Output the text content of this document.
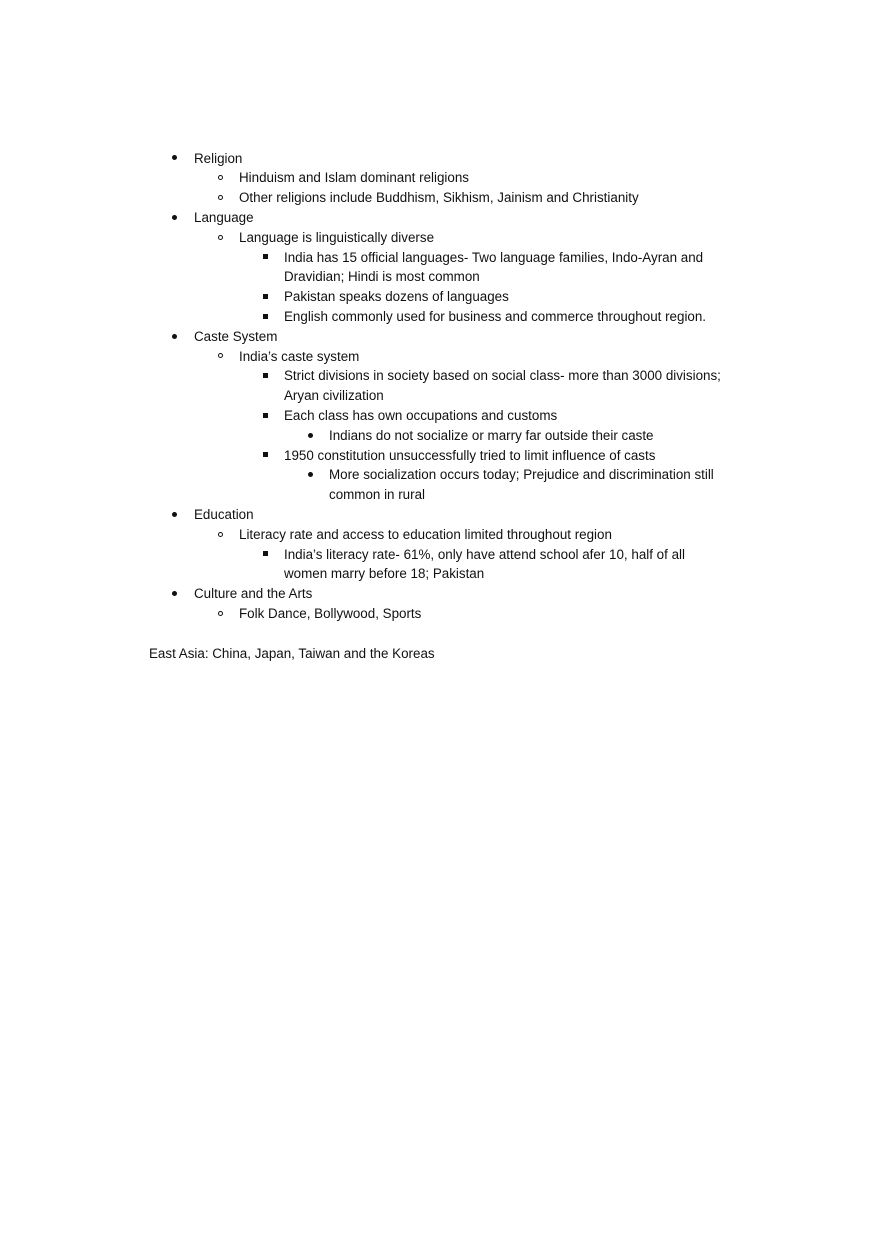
Religion
Hinduism and Islam dominant religions
Other religions include Buddhism, Sikhism, Jainism and Christianity
Language
Language is linguistically diverse
India has 15 official languages- Two language families, Indo-Ayran and
Dravidian; Hindi is most common
Pakistan speaks dozens of languages
English commonly used for business and commerce throughout region.
Caste System
India’s caste system
Strict divisions in society based on social class- more than 3000 divisions;
Aryan civilization
Each class has own occupations and customs
Indians do not socialize or marry far outside their caste
1950 constitution unsuccessfully tried to limit influence of casts
More socialization occurs today; Prejudice and discrimination still
common in rural
Education
Literacy rate and access to education limited throughout region
India’s literacy rate- 61%, only have attend school afer 10, half of all
women marry before 18; Pakistan
Culture and the Arts
Folk Dance, Bollywood, Sports
East Asia: China, Japan, Taiwan and the Koreas
